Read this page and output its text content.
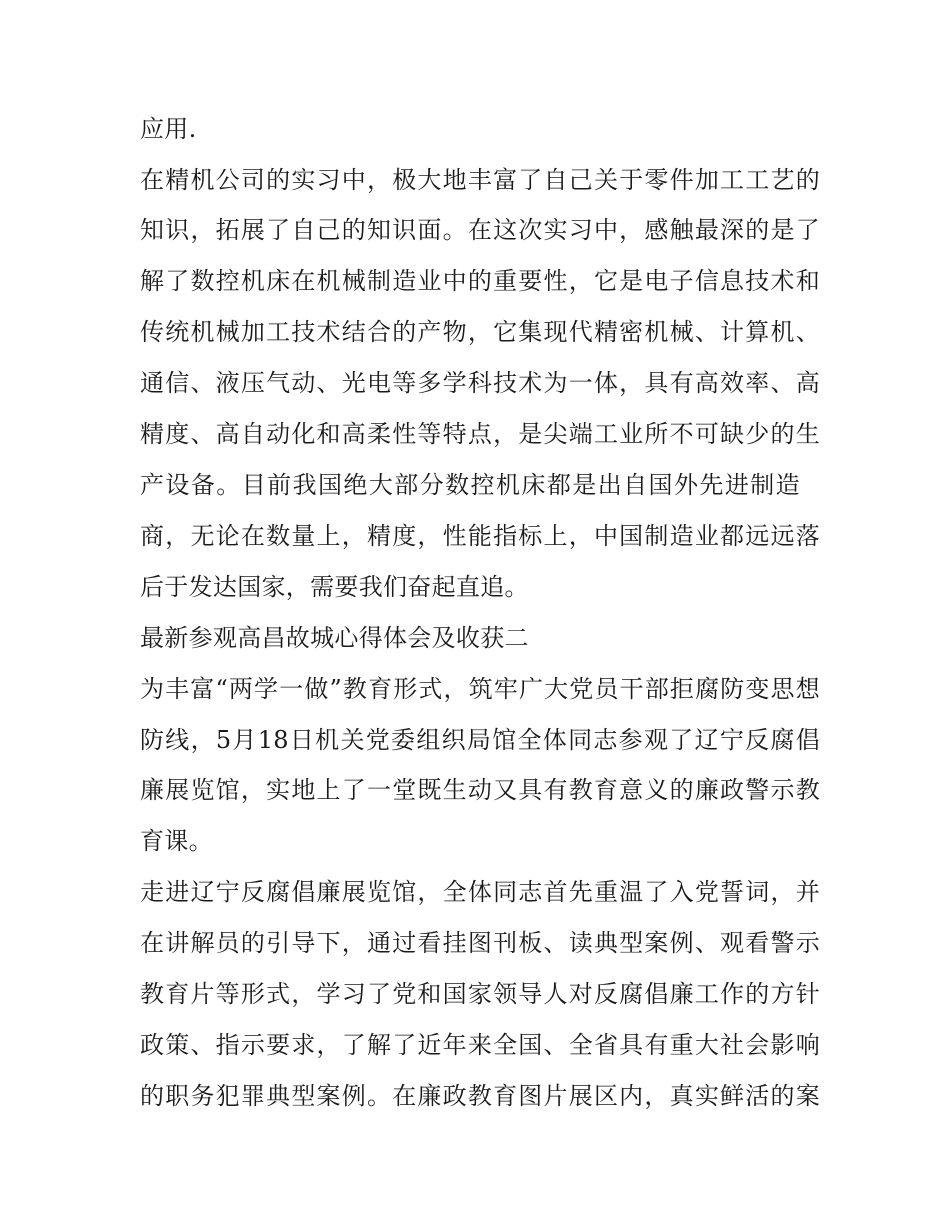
应用.
在精机公司的实习中，极大地丰富了自己关于零件加工工艺的
知识，拓展了自己的知识面。在这次实习中，感触最深的是了
解了数控机床在机械制造业中的重要性，它是电子信息技术和
传统机械加工技术结合的产物，它集现代精密机械、计算机、
通信、液压气动、光电等多学科技术为一体，具有高效率、高
精度、高自动化和高柔性等特点，是尖端工业所不可缺少的生
产设备。目前我国绝大部分数控机床都是出自国外先进制造
商，无论在数量上，精度，性能指标上，中国制造业都远远落
后于发达国家，需要我们奋起直追。
最新参观高昌故城心得体会及收获二
为丰富“两学一做”教育形式，筑牢广大党员干部拒腐防变思想
防线，5月18日机关党委组织局馆全体同志参观了辽宁反腐倡
廉展览馆，实地上了一堂既生动又具有教育意义的廉政警示教
育课。
走进辽宁反腐倡廉展览馆，全体同志首先重温了入党誓词，并
在讲解员的引导下，通过看挂图刊板、读典型案例、观看警示
教育片等形式，学习了党和国家领导人对反腐倡廉工作的方针
政策、指示要求，了解了近年来全国、全省具有重大社会影响
的职务犯罪典型案例。在廉政教育图片展区内，真实鲜活的案
